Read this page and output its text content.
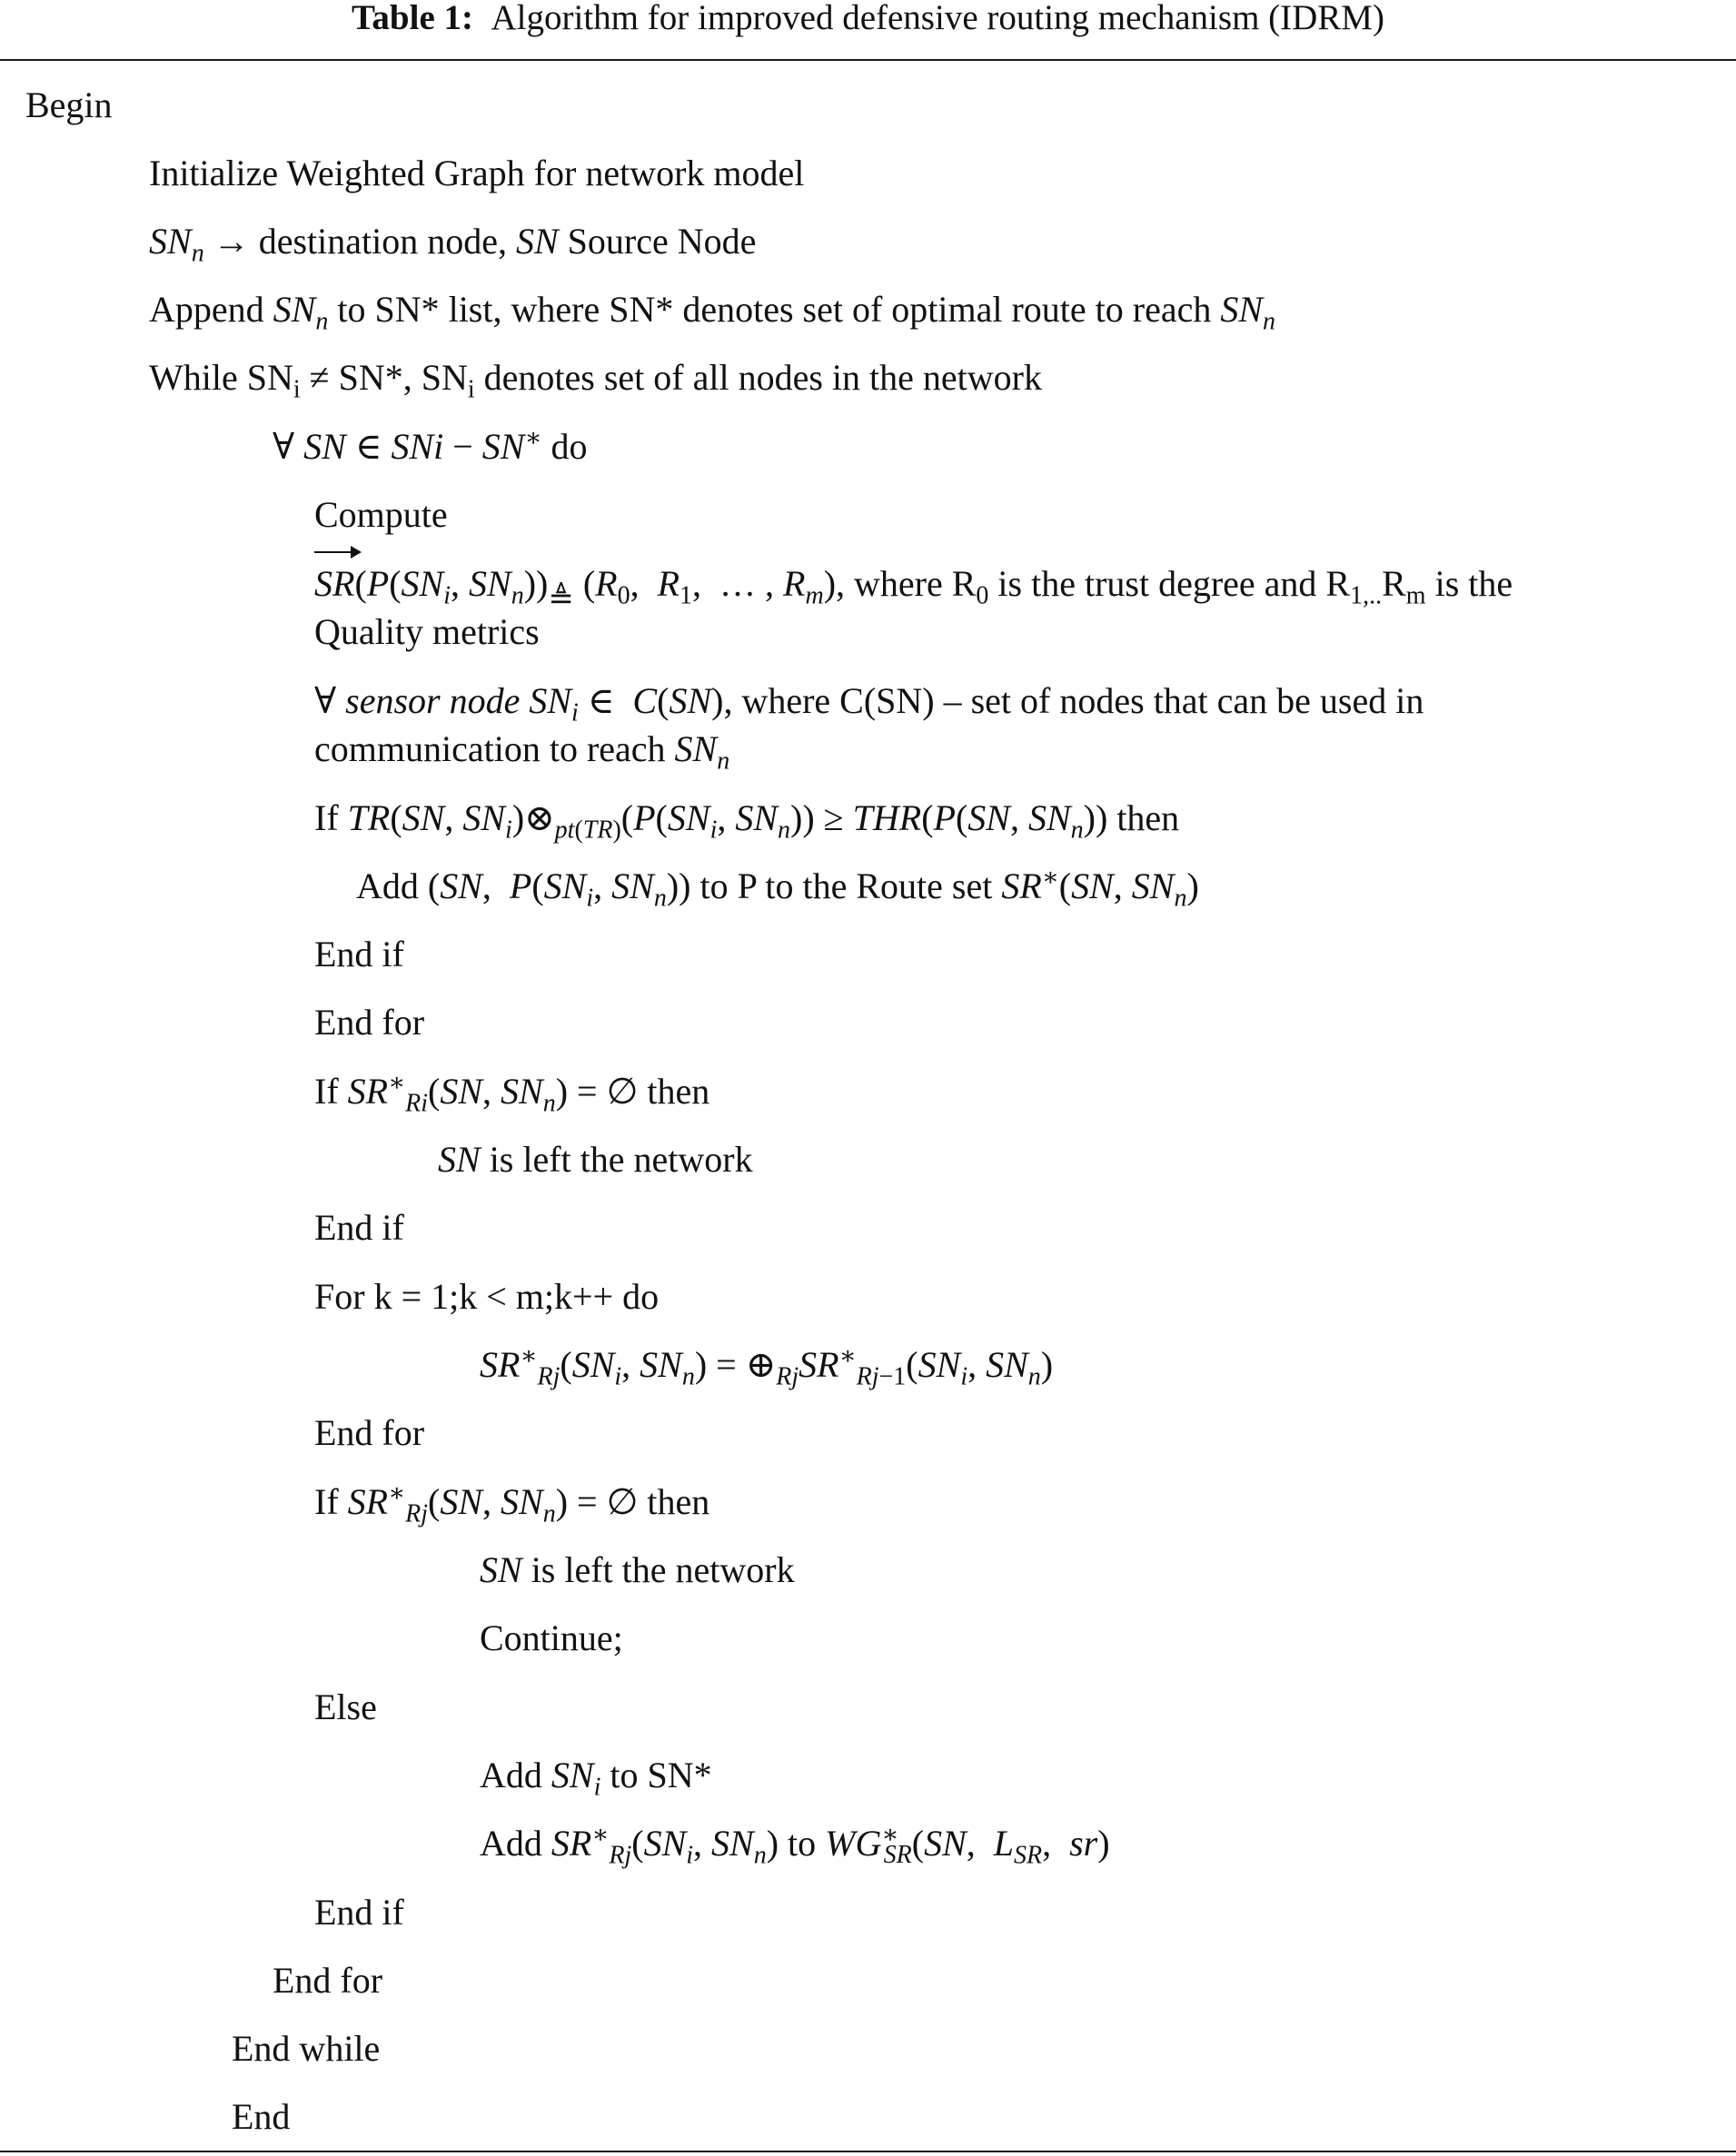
Table 1: Algorithm for improved defensive routing mechanism (IDRM)
Begin
Initialize Weighted Graph for network model
$SN_n$ → destination node, SN Source Node
Append $SN_n$ to SN* list, where SN* denotes set of optimal route to reach $SN_n$
While $SN_i \ne SN*$, $SN_i$ denotes set of all nodes in the network
∀ SN ∈ SNi − SN∗ do
Compute
SR
($P(SN_i$, $SN_n))≜$ ($R_0$,  $R_1$,  … , $R_m$), where $R_0$ is the trust degree and $R_{1,..}R_m$ is the
Quality metrics
∀ sensor node $SN_i$ ∈  C(SN), where C(SN) – set of nodes that can be used in
communication to reach $SN_n$
If TR(SN, $SN_i)\otimes_{pt(TR)}(P(SN_i$, $SN_n)) \ge THR(P(SN$, $SN_n$)) then
Add (SN,  $P(SN_i$, $SN_n$)) to P to the Route set SR∗(SN, $SN_n$)
End if
End for
If $SR^∗_{Ri}(SN$, $SN_n$) = ∅ then
SN is left the network
End if
For k = 1;k < m;k++ do
$SR^∗_{Rj}(SN_i$, $SN_n$) = $\oplus_{Rj}SR^∗_{Rj-1}(SN_i$, $SN_n$)
End for
If $SR^∗_{Rj}(SN$, $SN_n$) = ∅ then
SN is left the network
Continue;
Else
Add $SN_i$ to SN*
Add $SR^∗_{Rj}(SN_i$, $SN_n$) to $WG^∗_{SR}(SN$,  $L_{SR}$,  sr)
End if
End for
End while
End
